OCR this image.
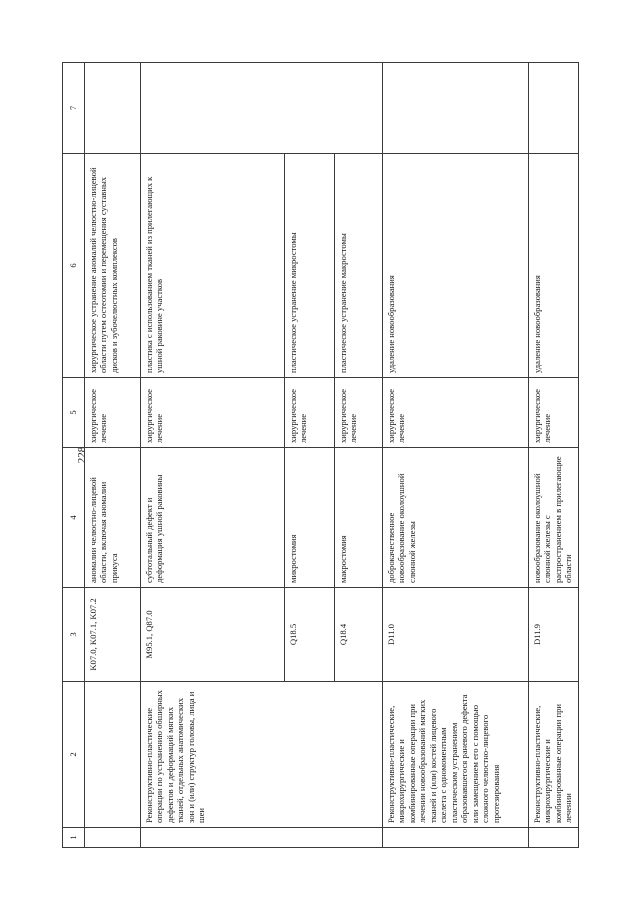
228
1	2	3	4	5	6	7
		K07.0, K07.1, K07.2	аномалии челюстно-лицевой области, включая аномалии прикуса	хирургическое лечение	хирургическое устранение аномалий челюстно-лицевой области путем остеотомии и перемещения суставных дисков и зубочелюстных комплексов	
	Реконструктивно-пластические операции по устранению обширных дефектов и деформаций мягких тканей, отдельных анатомических зон и (или) структур головы, лица и шеи	M95.1, Q87.0	субтотальный дефект и деформация ушной раковины	хирургическое лечение	пластика с использованием тканей из прилегающих к ушной раковине участков	
		Q18.5	микростомия	хирургическое лечение	пластическое устранение микростомы	
		Q18.4	макростомия	хирургическое лечение	пластическое устранение макростомы	
	Реконструктивно-пластические, микрохирургические и комбинированные операции при лечении новообразований мягких тканей и (или) костей лицевого скелета с одномоментным пластическим устранением образовавшегося раневого дефекта или замещением его с помощью сложного челюстно-лицевого протезирования	D11.0	доброкачественное новообразование околоушной слюнной железы	хирургическое лечение	удаление новообразования	
	Реконструктивно-пластические, микрохирургические и комбинированные операции при лечении	D11.9	новообразование околоушной слюнной железы с распространением в прилегающие области	хирургическое лечение	удаление новообразования	
